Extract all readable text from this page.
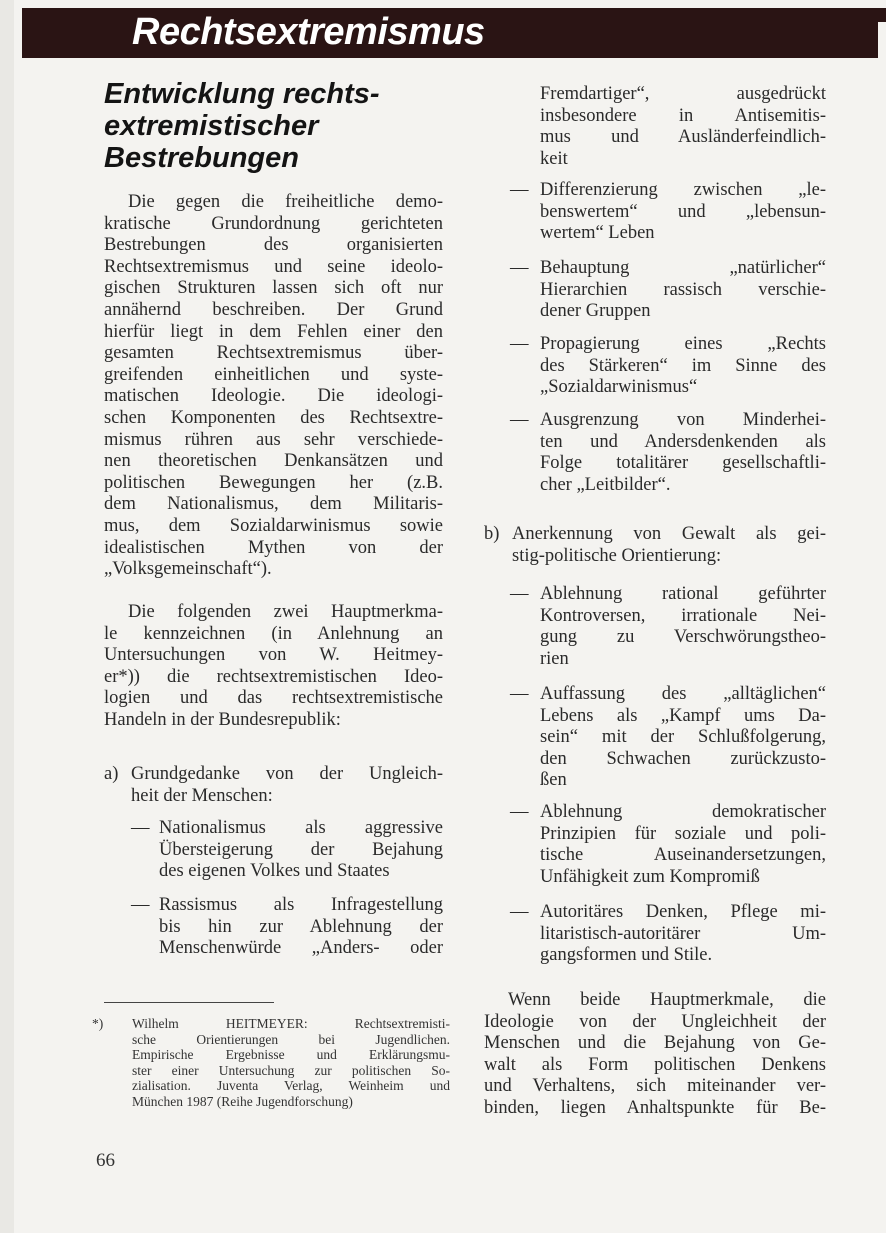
Rechtsextremismus
Entwicklung rechts-
extremistischer
Bestrebungen
Die gegen die freiheitliche demo-
kratische Grundordnung gerichteten
Bestrebungen des organisierten
Rechtsextremismus und seine ideolo-
gischen Strukturen lassen sich oft nur
annähernd beschreiben. Der Grund
hierfür liegt in dem Fehlen einer den
gesamten Rechtsextremismus über-
greifenden einheitlichen und syste-
matischen Ideologie. Die ideologi-
schen Komponenten des Rechtsextre-
mismus rühren aus sehr verschiede-
nen theoretischen Denkansätzen und
politischen Bewegungen her (z.B.
dem Nationalismus, dem Militaris-
mus, dem Sozialdarwinismus sowie
idealistischen Mythen von der
„Volksgemeinschaft“).
Die folgenden zwei Hauptmerkma-
le kennzeichnen (in Anlehnung an
Untersuchungen von W. Heitmey-
er*)) die rechtsextremistischen Ideo-
logien und das rechtsextremistische
Handeln in der Bundesrepublik:
a) Grundgedanke von der Ungleich-
heit der Menschen:
— Nationalismus als aggressive
Übersteigerung der Bejahung
des eigenen Volkes und Staates
— Rassismus als Infragestellung
bis hin zur Ablehnung der
Menschenwürde „Anders- oder
*) Wilhelm HEITMEYER: Rechtsextremisti-
sche Orientierungen bei Jugendlichen.
Empirische Ergebnisse und Erklärungsmu-
ster einer Untersuchung zur politischen So-
zialisation. Juventa Verlag, Weinheim und
München 1987 (Reihe Jugendforschung)
66
Fremdartiger“, ausgedrückt
insbesondere in Antisemitis-
mus und Ausländerfeindlich-
keit
— Differenzierung zwischen „le-
benswertem“ und „lebensun-
wertem“ Leben
— Behauptung „natürlicher“
Hierarchien rassisch verschie-
dener Gruppen
— Propagierung eines „Rechts
des Stärkeren“ im Sinne des
„Sozialdarwinismus“
— Ausgrenzung von Minderhei-
ten und Andersdenkenden als
Folge totalitärer gesellschaftli-
cher „Leitbilder“.
b) Anerkennung von Gewalt als gei-
stig-politische Orientierung:
— Ablehnung rational geführter
Kontroversen, irrationale Nei-
gung zu Verschwörungstheo-
rien
— Auffassung des „alltäglichen“
Lebens als „Kampf ums Da-
sein“ mit der Schlußfolgerung,
den Schwachen zurückzusto-
ßen
— Ablehnung demokratischer
Prinzipien für soziale und poli-
tische Auseinandersetzungen,
Unfähigkeit zum Kompromiß
— Autoritäres Denken, Pflege mi-
litaristisch-autoritärer Um-
gangsformen und Stile.
Wenn beide Hauptmerkmale, die
Ideologie von der Ungleichheit der
Menschen und die Bejahung von Ge-
walt als Form politischen Denkens
und Verhaltens, sich miteinander ver-
binden, liegen Anhaltspunkte für Be-
